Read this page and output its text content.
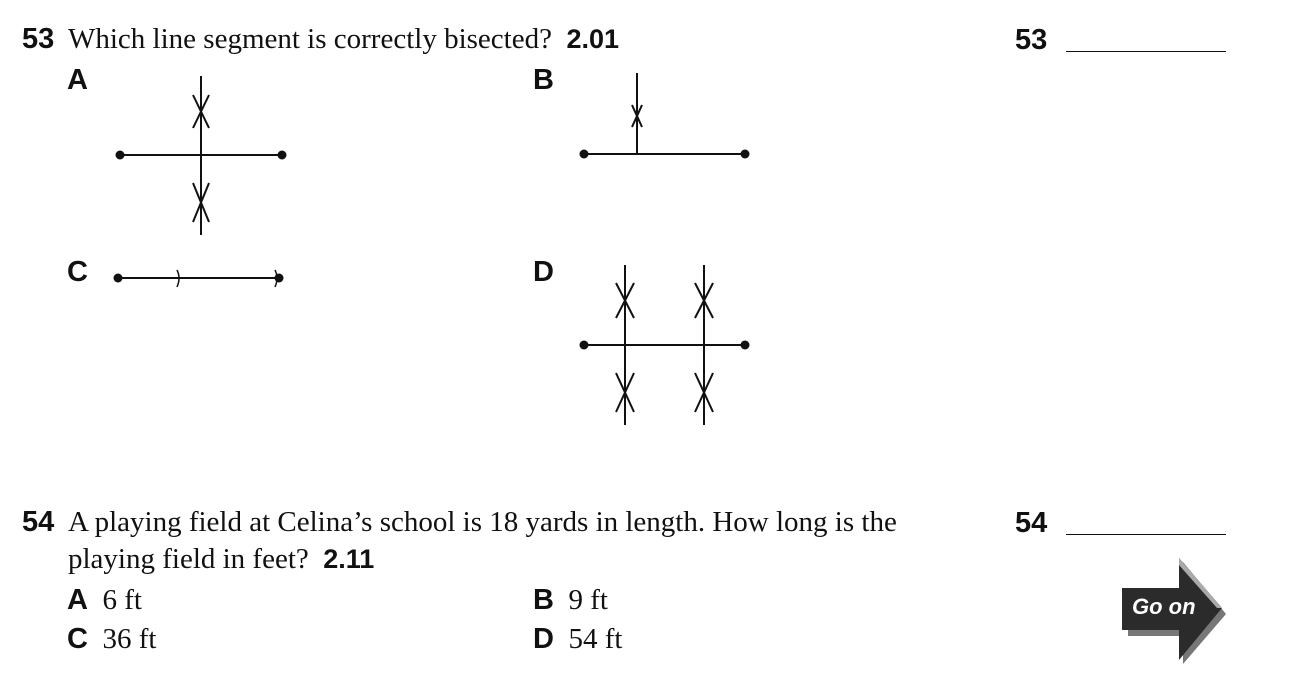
53 Which line segment is correctly bisected? 2.01	53
A	B
C	D
54 A playing field at Celina’s school is 18 yards in length. How long is the
playing field in feet? 2.11
54
A 6 ft	B 9 ft
C 36 ft	D 54 ft
Go on
